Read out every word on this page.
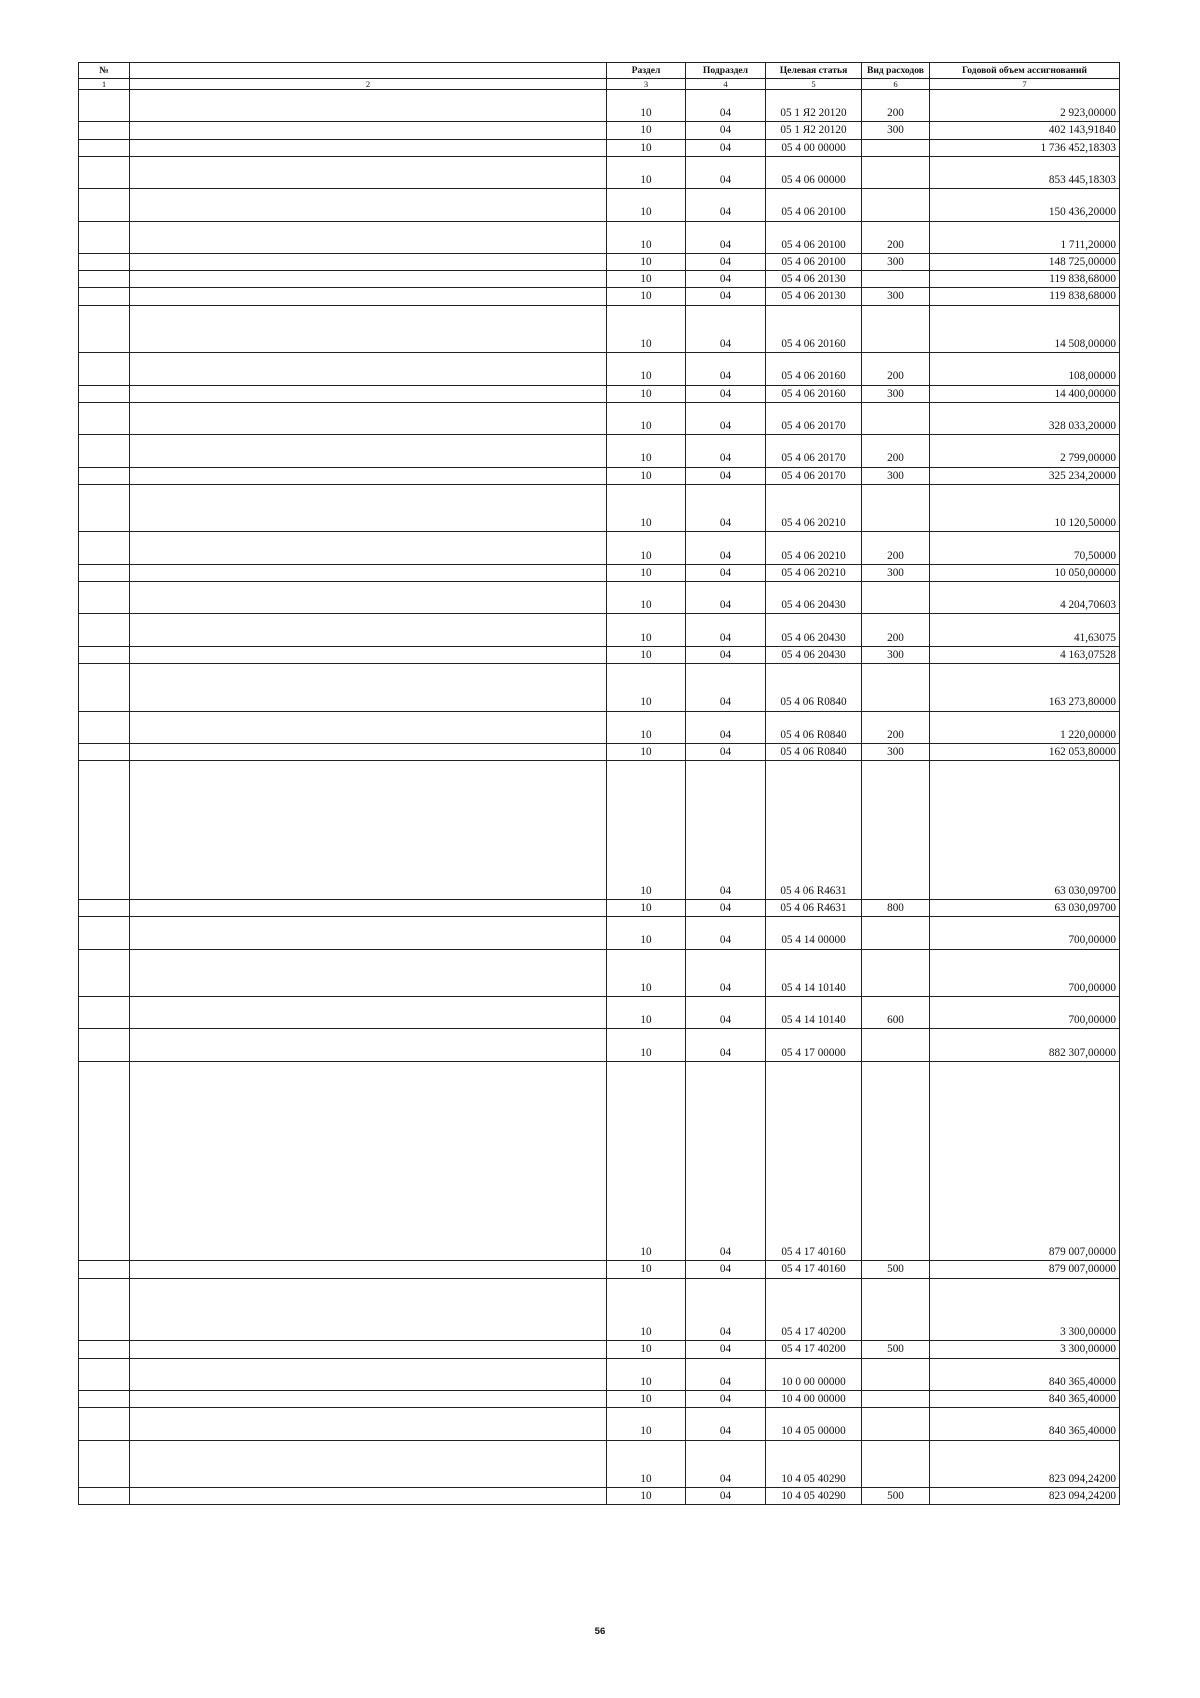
№		Раздел	Подраздел	Целевая статья	Вид расходов	Годовой объем ассигнований
1	2	3	4	5	6	7
		10	04	05 1 Я2 20120	200	2 923,00000
		10	04	05 1 Я2 20120	300	402 143,91840
		10	04	05 4 00 00000		1 736 452,18303
		10	04	05 4 06 00000		853 445,18303
		10	04	05 4 06 20100		150 436,20000
		10	04	05 4 06 20100	200	1 711,20000
		10	04	05 4 06 20100	300	148 725,00000
		10	04	05 4 06 20130		119 838,68000
		10	04	05 4 06 20130	300	119 838,68000
		10	04	05 4 06 20160		14 508,00000
		10	04	05 4 06 20160	200	108,00000
		10	04	05 4 06 20160	300	14 400,00000
		10	04	05 4 06 20170		328 033,20000
		10	04	05 4 06 20170	200	2 799,00000
		10	04	05 4 06 20170	300	325 234,20000
		10	04	05 4 06 20210		10 120,50000
		10	04	05 4 06 20210	200	70,50000
		10	04	05 4 06 20210	300	10 050,00000
		10	04	05 4 06 20430		4 204,70603
		10	04	05 4 06 20430	200	41,63075
		10	04	05 4 06 20430	300	4 163,07528
		10	04	05 4 06 R0840		163 273,80000
		10	04	05 4 06 R0840	200	1 220,00000
		10	04	05 4 06 R0840	300	162 053,80000
		10	04	05 4 06 R4631		63 030,09700
		10	04	05 4 06 R4631	800	63 030,09700
		10	04	05 4 14 00000		700,00000
		10	04	05 4 14 10140		700,00000
		10	04	05 4 14 10140	600	700,00000
		10	04	05 4 17 00000		882 307,00000
		10	04	05 4 17 40160		879 007,00000
		10	04	05 4 17 40160	500	879 007,00000
		10	04	05 4 17 40200		3 300,00000
		10	04	05 4 17 40200	500	3 300,00000
		10	04	10 0 00 00000		840 365,40000
		10	04	10 4 00 00000		840 365,40000
		10	04	10 4 05 00000		840 365,40000
		10	04	10 4 05 40290		823 094,24200
		10	04	10 4 05 40290	500	823 094,24200
56
